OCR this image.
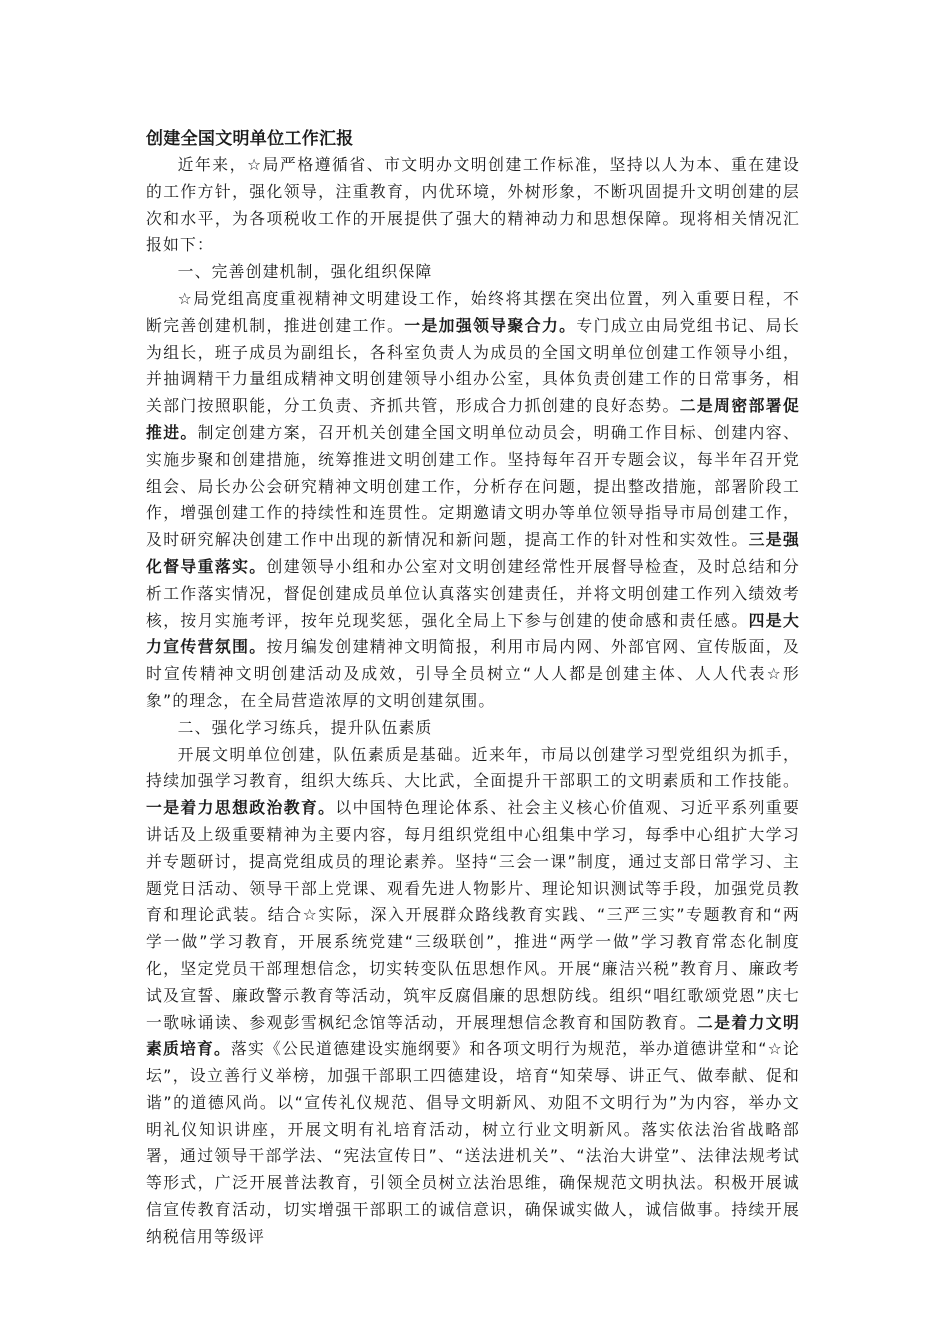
创建全国文明单位工作汇报

近年来，☆局严格遵循省、市文明办文明创建工作标准，坚持以人为本、重在建设的工作方针，强化领导，注重教育，内优环境，外树形象，不断巩固提升文明创建的层次和水平，为各项税收工作的开展提供了强大的精神动力和思想保障。现将相关情况汇报如下：

一、完善创建机制，强化组织保障

☆局党组高度重视精神文明建设工作，始终将其摆在突出位置，列入重要日程，不断完善创建机制，推进创建工作。一是加强领导聚合力。专门成立由局党组书记、局长为组长，班子成员为副组长，各科室负责人为成员的全国文明单位创建工作领导小组，并抽调精干力量组成精神文明创建领导小组办公室，具体负责创建工作的日常事务，相关部门按照职能，分工负责、齐抓共管，形成合力抓创建的良好态势。二是周密部署促推进。制定创建方案，召开机关创建全国文明单位动员会，明确工作目标、创建内容、实施步聚和创建措施，统筹推进文明创建工作。坚持每年召开专题会议，每半年召开党组会、局长办公会研究精神文明创建工作，分析存在问题，提出整改措施，部署阶段工作，增强创建工作的持续性和连贯性。定期邀请文明办等单位领导指导市局创建工作，及时研究解决创建工作中出现的新情况和新问题，提高工作的针对性和实效性。三是强化督导重落实。创建领导小组和办公室对文明创建经常性开展督导检查，及时总结和分析工作落实情况，督促创建成员单位认真落实创建责任，并将文明创建工作列入绩效考核，按月实施考评，按年兑现奖惩，强化全局上下参与创建的使命感和责任感。四是大力宣传营氛围。按月编发创建精神文明简报，利用市局内网、外部官网、宣传版面，及时宣传精神文明创建活动及成效，引导全员树立“人人都是创建主体、人人代表☆形象”的理念，在全局营造浓厚的文明创建氛围。

二、强化学习练兵，提升队伍素质

开展文明单位创建，队伍素质是基础。近来年，市局以创建学习型党组织为抓手，持续加强学习教育，组织大练兵、大比武，全面提升干部职工的文明素质和工作技能。一是着力思想政治教育。以中国特色理论体系、社会主义核心价值观、习近平系列重要讲话及上级重要精神为主要内容，每月组织党组中心组集中学习，每季中心组扩大学习并专题研讨，提高党组成员的理论素养。坚持“三会一课”制度，通过支部日常学习、主题党日活动、领导干部上党课、观看先进人物影片、理论知识测试等手段，加强党员教育和理论武装。结合☆实际，深入开展群众路线教育实践、“三严三实”专题教育和“两学一做”学习教育，开展系统党建“三级联创”，推进“两学一做”学习教育常态化制度化，坚定党员干部理想信念，切实转变队伍思想作风。开展“廉洁兴税”教育月、廉政考试及宣誓、廉政警示教育等活动，筑牢反腐倡廉的思想防线。组织“唱红歌颂党恩”庆七一歌咏诵读、参观彭雪枫纪念馆等活动，开展理想信念教育和国防教育。二是着力文明素质培育。落实《公民道德建设实施纲要》和各项文明行为规范，举办道德讲堂和“☆论坛”，设立善行义举榜，加强干部职工四德建设，培育“知荣辱、讲正气、做奉献、促和谐”的道德风尚。以“宣传礼仪规范、倡导文明新风、劝阻不文明行为”为内容，举办文明礼仪知识讲座，开展文明有礼培育活动，树立行业文明新风。落实依法治省战略部署，通过领导干部学法、“宪法宣传日”、“送法进机关”、“法治大讲堂”、法律法规考试等形式，广泛开展普法教育，引领全员树立法治思维，确保规范文明执法。积极开展诚信宣传教育活动，切实增强干部职工的诚信意识，确保诚实做人，诚信做事。持续开展纳税信用等级评
